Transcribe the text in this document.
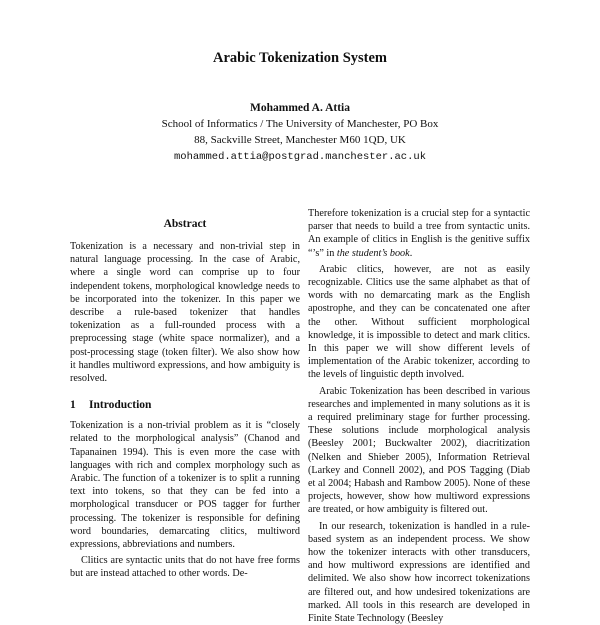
Arabic Tokenization System
Mohammed A. Attia
School of Informatics / The University of Manchester, PO Box
88, Sackville Street, Manchester M60 1QD, UK
mohammed.attia@postgrad.manchester.ac.uk
Abstract

Tokenization is a necessary and non-trivial step in natural language processing. In the case of Arabic, where a single word can comprise up to four independent tokens, morphological knowledge needs to be incorporated into the tokenizer. In this paper we describe a rule-based tokenizer that handles tokenization as a full-rounded process with a preprocessing stage (white space normalizer), and a post-processing stage (token filter). We also show how it handles multiword expressions, and how ambiguity is resolved.

1 Introduction

Tokenization is a non-trivial problem as it is “closely related to the morphological analysis” (Chanod and Tapanainen 1994). This is even more the case with languages with rich and complex morphology such as Arabic. The function of a tokenizer is to split a running text into tokens, so that they can be fed into a morphological transducer or POS tagger for further processing. The tokenizer is responsible for defining word boundaries, demarcating clitics, multiword expressions, abbreviations and numbers.

Clitics are syntactic units that do not have free forms but are instead attached to other words. De-

Therefore tokenization is a crucial step for a syntactic parser that needs to build a tree from syntactic units. An example of clitics in English is the genitive suffix “’s” in the student’s book.

Arabic clitics, however, are not as easily recognizable. Clitics use the same alphabet as that of words with no demarcating mark as the English apostrophe, and they can be concatenated one after the other. Without sufficient morphological knowledge, it is impossible to detect and mark clitics. In this paper we will show different levels of implementation of the Arabic tokenizer, according to the levels of linguistic depth involved.

Arabic Tokenization has been described in various researches and implemented in many solutions as it is a required preliminary stage for further processing. These solutions include morphological analysis (Beesley 2001; Buckwalter 2002), diacritization (Nelken and Shieber 2005), Information Retrieval (Larkey and Connell 2002), and POS Tagging (Diab et al 2004; Habash and Rambow 2005). None of these projects, however, show how multiword expressions are treated, or how ambiguity is filtered out.

In our research, tokenization is handled in a rule-based system as an independent process. We show how the tokenizer interacts with other transducers, and how multiword expressions are identified and delimited. We also show how incorrect tokenizations are filtered out, and how undesired tokenizations are marked. All tools in this research are developed in Finite State Technology (Beesley
